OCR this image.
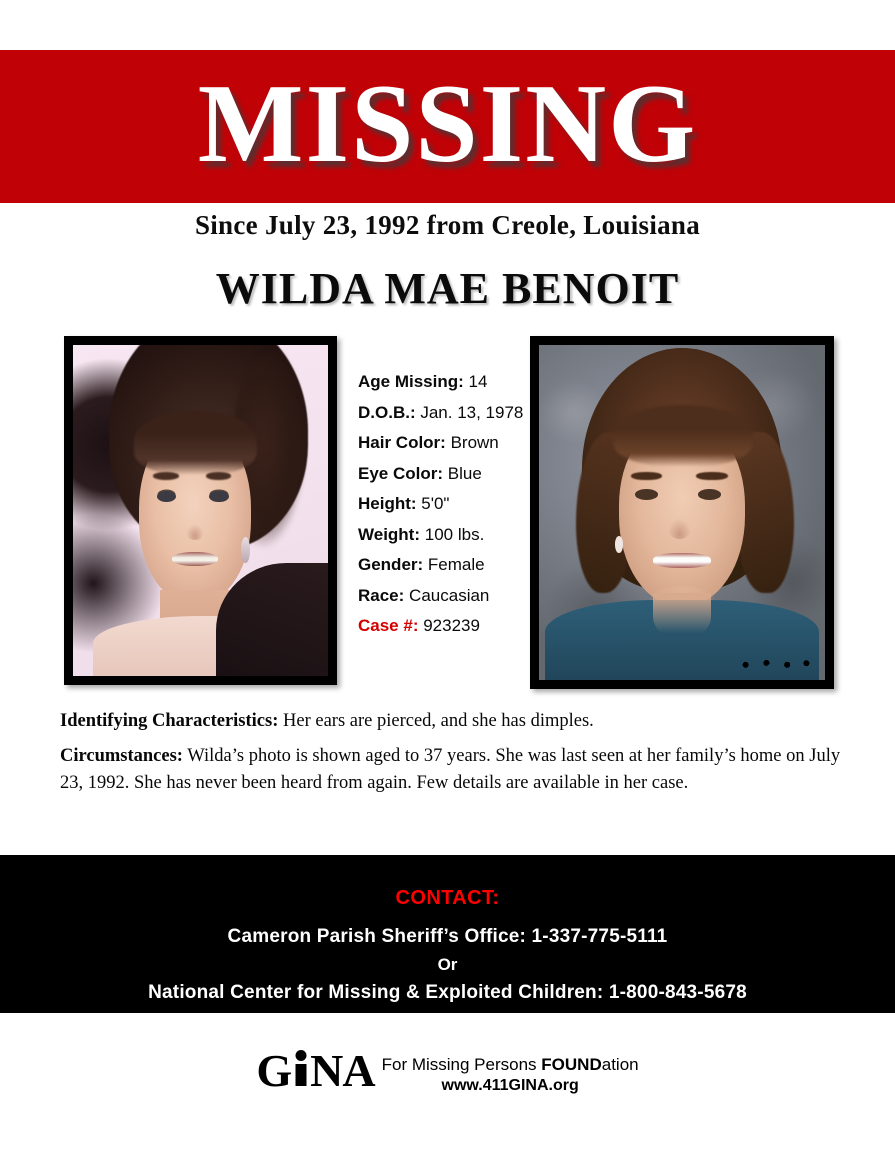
MISSING
Since July 23, 1992 from Creole, Louisiana
WILDA MAE BENOIT
Age Missing: 14
D.O.B.: Jan. 13, 1978
Hair Color: Brown
Eye Color: Blue
Height: 5'0"
Weight: 100 lbs.
Gender: Female
Race: Caucasian
Case #: 923239

Identifying Characteristics: Her ears are pierced, and she has dimples.

Circumstances: Wilda’s photo is shown aged to 37 years. She was last seen at her family’s home on July 23, 1992. She has never been heard from again. Few details are available in her case.

CONTACT:
Cameron Parish Sheriff’s Office: 1-337-775-5111
Or
National Center for Missing & Exploited Children: 1-800-843-5678
G NA For Missing Persons FOUNDation
www.411GINA.org
